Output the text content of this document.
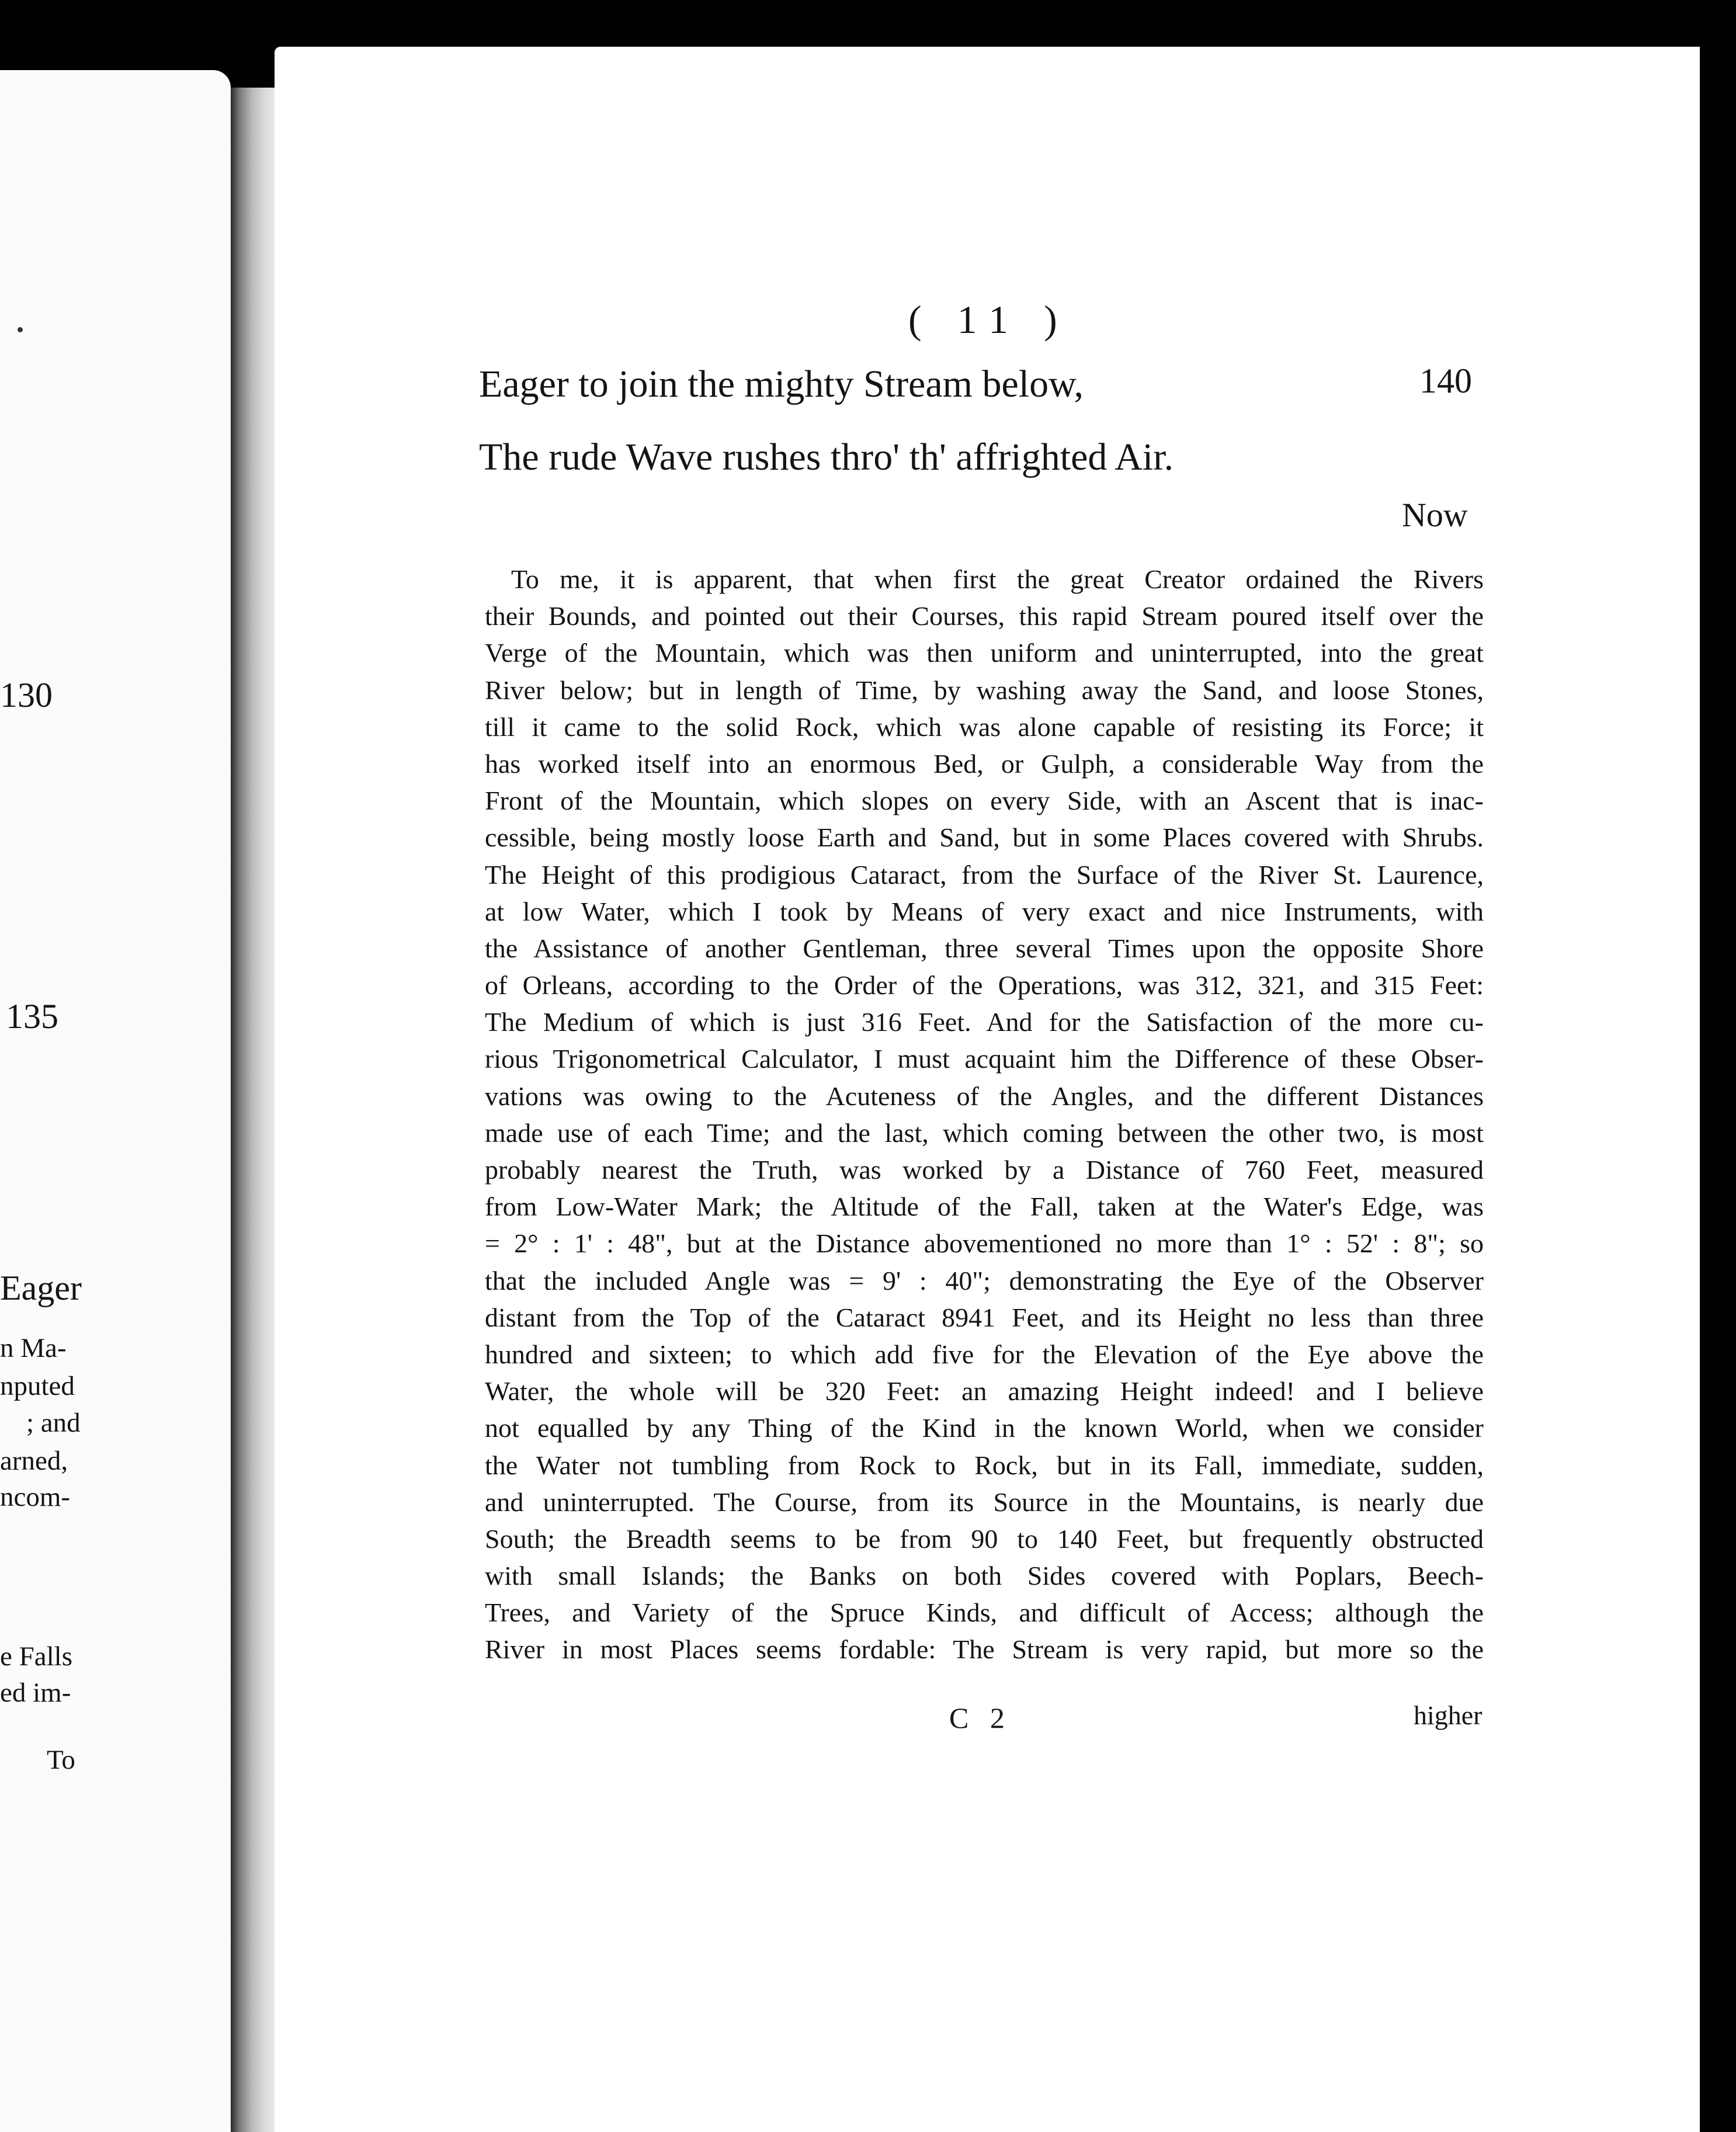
130
135
Eager
n Ma-
nputed
; and
arned,
ncom-
e Falls
ed im-
To
( 11 )
Eager to join the mighty Stream below,	140
The rude Wave rushes thro' th' affrighted Air.
Now
To me, it is apparent, that when first the great Creator ordained the Rivers
their Bounds, and pointed out their Courses, this rapid Stream poured itself over the
Verge of the Mountain, which was then uniform and uninterrupted, into the great
River below; but in length of Time, by washing away the Sand, and loose Stones,
till it came to the solid Rock, which was alone capable of resisting its Force; it
has worked itself into an enormous Bed, or Gulph, a considerable Way from the
Front of the Mountain, which slopes on every Side, with an Ascent that is inac-
cessible, being mostly loose Earth and Sand, but in some Places covered with Shrubs.
The Height of this prodigious Cataract, from the Surface of the River St. Laurence,
at low Water, which I took by Means of very exact and nice Instruments, with
the Assistance of another Gentleman, three several Times upon the opposite Shore
of Orleans, according to the Order of the Operations, was 312, 321, and 315 Feet:
The Medium of which is just 316 Feet. And for the Satisfaction of the more cu-
rious Trigonometrical Calculator, I must acquaint him the Difference of these Obser-
vations was owing to the Acuteness of the Angles, and the different Distances
made use of each Time; and the last, which coming between the other two, is most
probably nearest the Truth, was worked by a Distance of 760 Feet, measured
from Low-Water Mark; the Altitude of the Fall, taken at the Water's Edge, was
= 2° : 1' : 48", but at the Distance abovementioned no more than 1° : 52' : 8"; so
that the included Angle was = 9' : 40"; demonstrating the Eye of the Observer
distant from the Top of the Cataract 8941 Feet, and its Height no less than three
hundred and sixteen; to which add five for the Elevation of the Eye above the
Water, the whole will be 320 Feet: an amazing Height indeed! and I believe
not equalled by any Thing of the Kind in the known World, when we consider
the Water not tumbling from Rock to Rock, but in its Fall, immediate, sudden,
and uninterrupted. The Course, from its Source in the Mountains, is nearly due
South; the Breadth seems to be from 90 to 140 Feet, but frequently obstructed
with small Islands; the Banks on both Sides covered with Poplars, Beech-
Trees, and Variety of the Spruce Kinds, and difficult of Access; although the
River in most Places seems fordable: The Stream is very rapid, but more so the
C 2	higher
